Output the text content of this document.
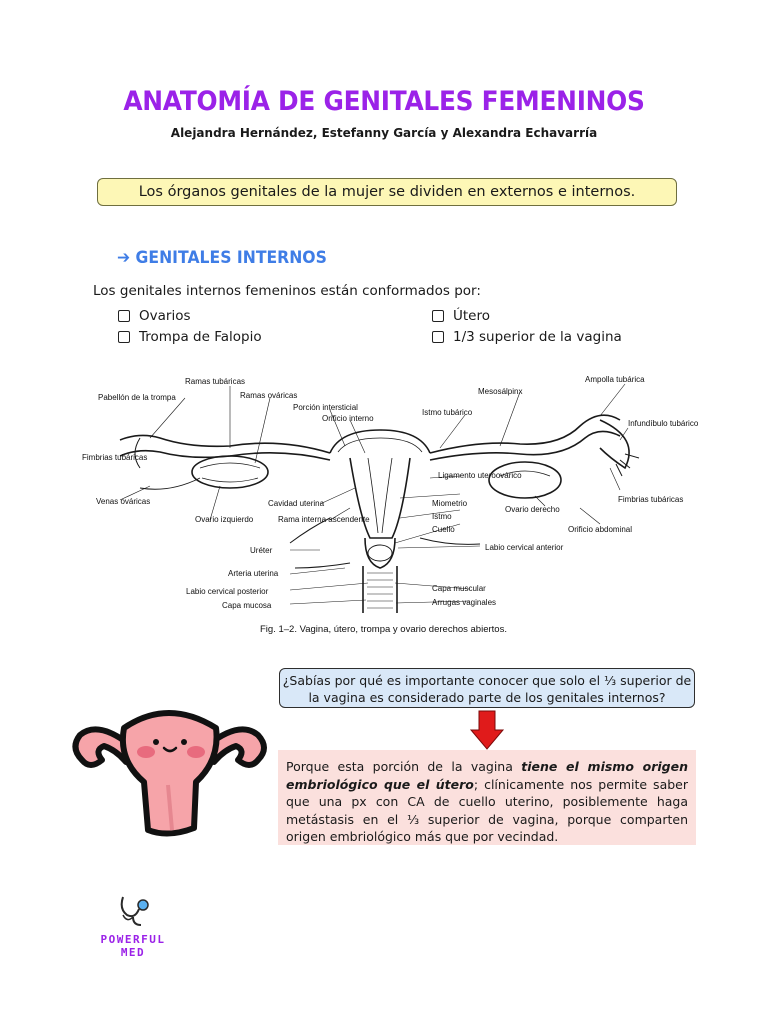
ANATOMÍA DE GENITALES FEMENINOS
Alejandra Hernández, Estefanny García y Alexandra Echavarría
Los órganos genitales de la mujer se dividen en externos e internos.
➔ GENITALES INTERNOS
Los genitales internos femeninos están conformados por:
Ovarios
Trompa de Falopio
Útero
1/3 superior de la vagina
Pabellón de la trompa
Ramas tubáricas
Ramas ováricas
Porción intersticial
Orificio interno
Istmo tubárico
Mesosálpinx
Ampolla tubárica
Infundíbulo tubárico
Fimbrias tubáricas
Venas ováricas
Ovario izquierdo
Cavidad uterina
Rama interna ascendente
Ligamento uteroovárico
Miometrio
Istmo
Cuello
Ovario derecho
Fimbrias tubáricas
Orificio abdominal
Uréter	Labio cervical anterior
Arteria uterina
Labio cervical posterior	Capa muscular
Capa mucosa	Arrugas vaginales
Fig. 1–2. Vagina, útero, trompa y ovario derechos abiertos.
¿Sabías por qué es importante conocer que solo el ⅓ superior de la vagina es considerado parte de los genitales internos?
Porque esta porción de la vagina tiene el mismo origen embriológico que el útero; clínicamente nos permite saber que una px con CA de cuello uterino, posiblemente haga metástasis en el ⅓ superior de vagina, porque comparten origen embriológico más que por vecindad.
POWERFUL
MED
